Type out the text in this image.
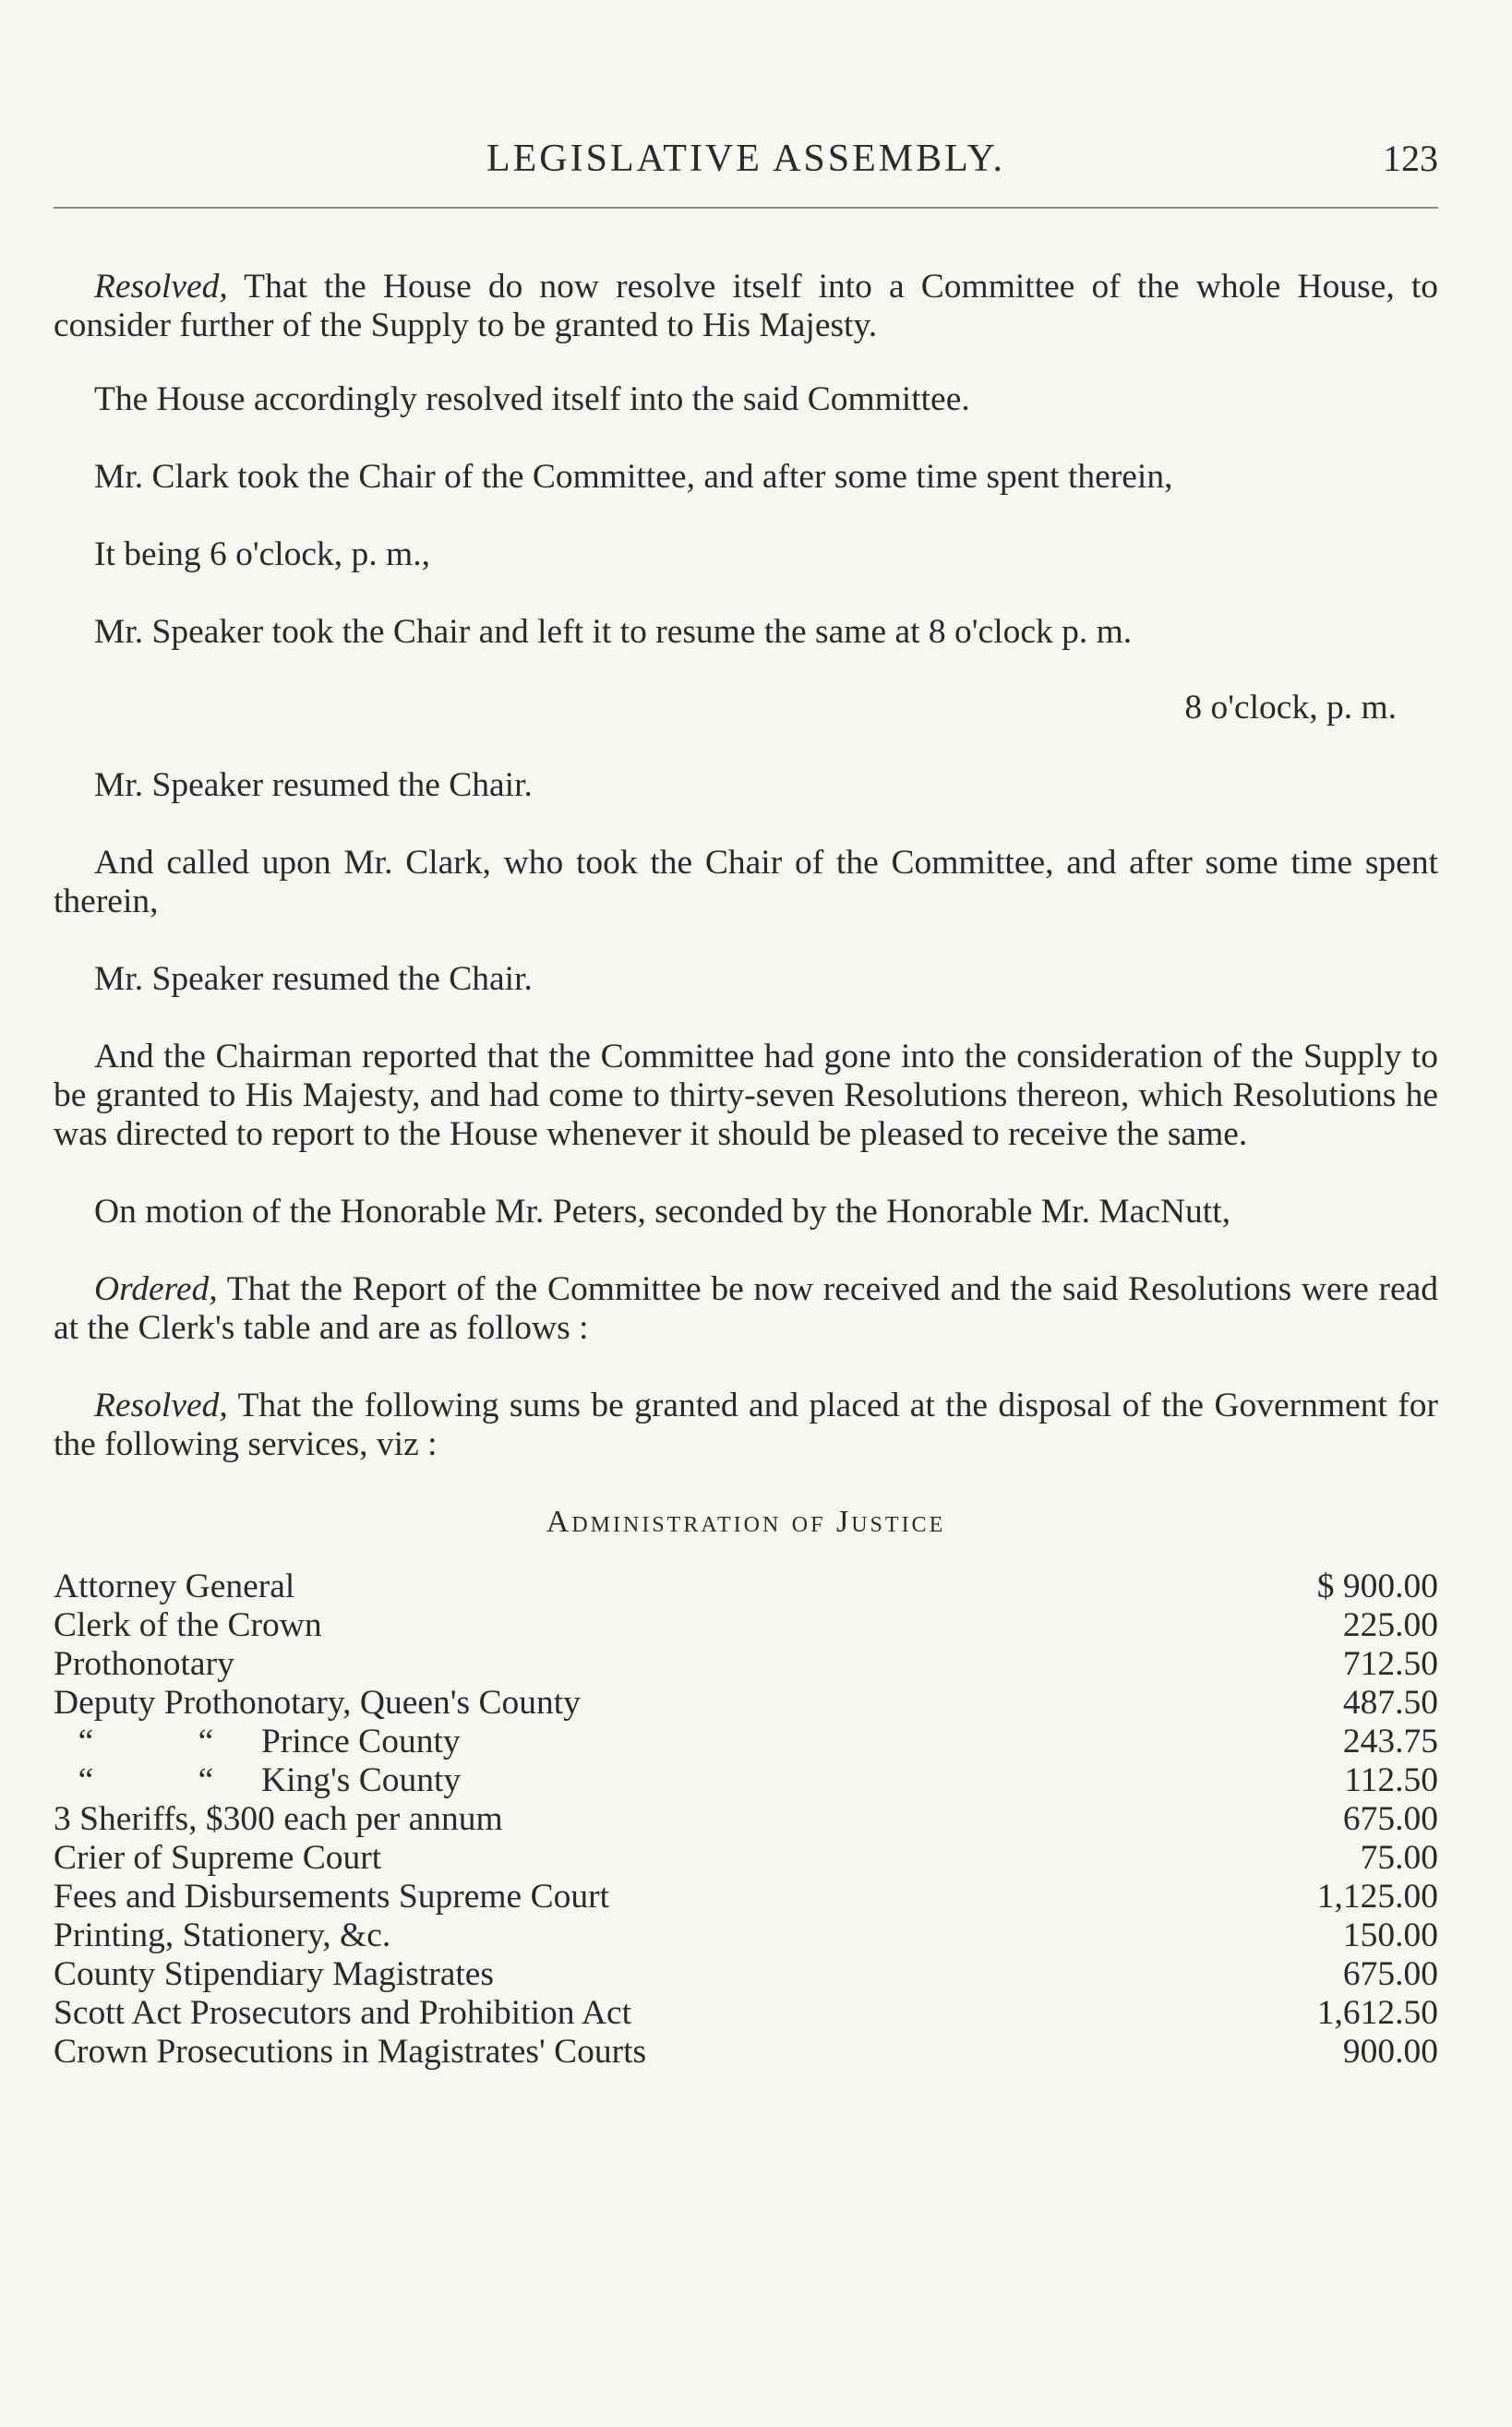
LEGISLATIVE ASSEMBLY.	123

Resolved, That the House do now resolve itself into a Committee of the whole House, to consider further of the Supply to be granted to His Majesty.

The House accordingly resolved itself into the said Committee.

Mr. Clark took the Chair of the Committee, and after some time spent therein,

It being 6 o'clock, p. m.,

Mr. Speaker took the Chair and left it to resume the same at 8 o'clock p. m.

8 o'clock, p. m.

Mr. Speaker resumed the Chair.

And called upon Mr. Clark, who took the Chair of the Committee, and after some time spent therein,

Mr. Speaker resumed the Chair.

And the Chairman reported that the Committee had gone into the consideration of the Supply to be granted to His Majesty, and had come to thirty-seven Resolutions thereon, which Resolutions he was directed to report to the House whenever it should be pleased to receive the same.

On motion of the Honorable Mr. Peters, seconded by the Honorable Mr. MacNutt,

Ordered, That the Report of the Committee be now received and the said Resolutions were read at the Clerk's table and are as follows :

Resolved, That the following sums be granted and placed at the disposal of the Government for the following services, viz :

Administration of Justice
Attorney General	$ 900.00
Clerk of the Crown	225.00
Prothonotary	712.50
Deputy Prothonotary, Queen's County	487.50
“ “ Prince County	243.75
“ “ King's County	112.50
3 Sheriffs, $300 each per annum	675.00
Crier of Supreme Court	75.00
Fees and Disbursements Supreme Court	1,125.00
Printing, Stationery, &c.	150.00
County Stipendiary Magistrates	675.00
Scott Act Prosecutors and Prohibition Act	1,612.50
Crown Prosecutions in Magistrates' Courts	900.00
